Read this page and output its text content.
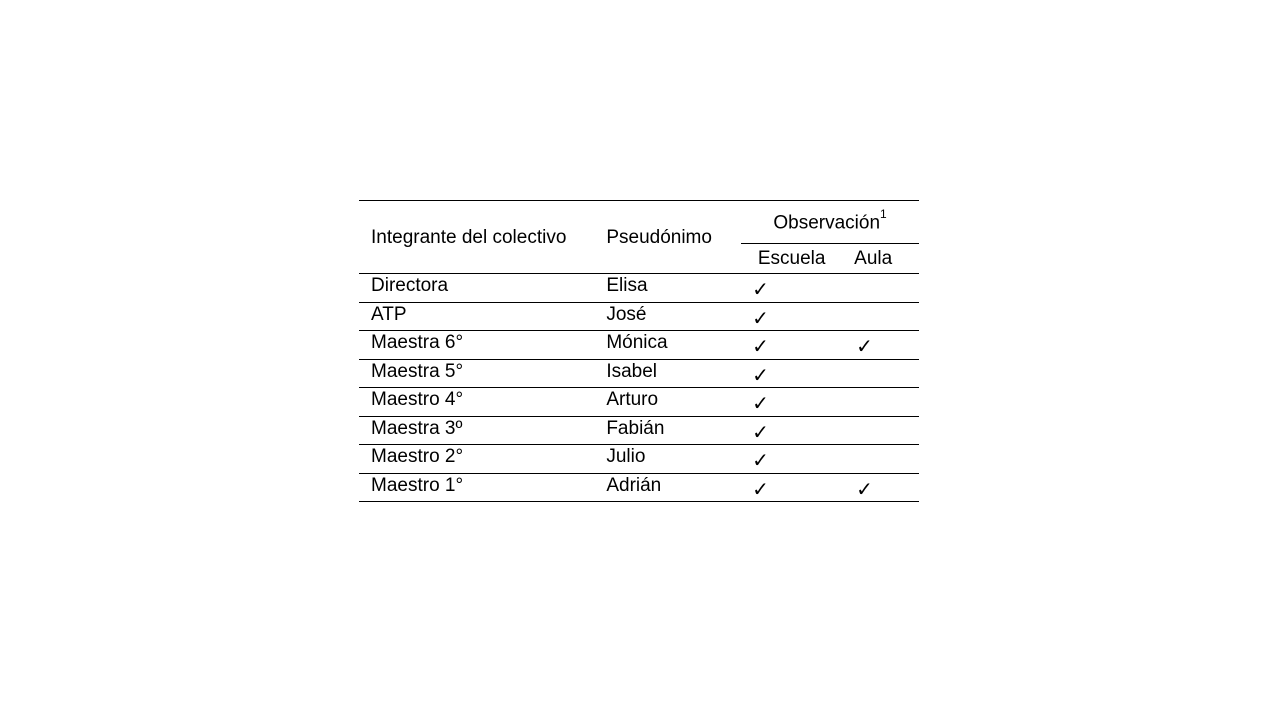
Integrante del colectivo	Pseudónimo	Observación$^1$
		Escuela	Aula
Directora	Elisa	✓	
ATP	José	✓	
Maestra 6°	Mónica	✓	✓
Maestra 5°	Isabel	✓	
Maestro 4°	Arturo	✓	
Maestra 3º	Fabián	✓	
Maestro 2°	Julio	✓	
Maestro 1°	Adrián	✓	✓
